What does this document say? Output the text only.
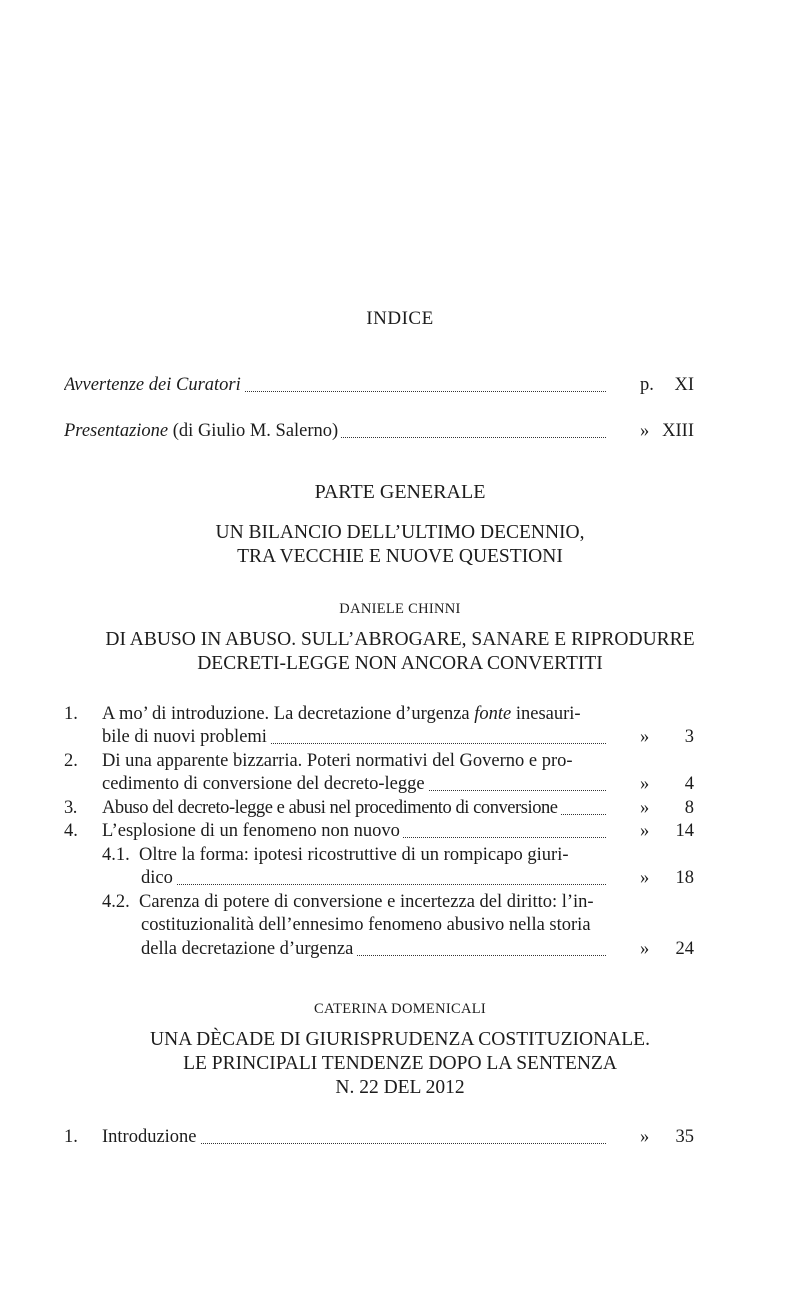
INDICE
Avvertenze dei Curatori	p.	XI
Presentazione (di Giulio M. Salerno)	» XIII
PARTE GENERALE
UN BILANCIO DELL’ULTIMO DECENNIO,
TRA VECCHIE E NUOVE QUESTIONI
DANIELE CHINNI
DI ABUSO IN ABUSO. SULL’ABROGARE, SANARE E RIPRODURRE
DECRETI-LEGGE NON ANCORA CONVERTITI
1.	A mo’ di introduzione. La decretazione d’urgenza fonte inesauri-
bile di nuovi problemi	»	3
2.	Di una apparente bizzarria. Poteri normativi del Governo e pro-
cedimento di conversione del decreto-legge	»	4
3.	Abuso del decreto-legge e abusi nel procedimento di conversione	»	8
4.	L’esplosione di un fenomeno non nuovo	»	14
4.1. Oltre la forma: ipotesi ricostruttive di un rompicapo giuri-
dico	»	18
4.2. Carenza di potere di conversione e incertezza del diritto: l’in-
costituzionalità dell’ennesimo fenomeno abusivo nella storia
della decretazione d’urgenza	»	24
CATERINA DOMENICALI
UNA DÈCADE DI GIURISPRUDENZA COSTITUZIONALE.
LE PRINCIPALI TENDENZE DOPO LA SENTENZA
N. 22 DEL 2012
1.	Introduzione	»	35
